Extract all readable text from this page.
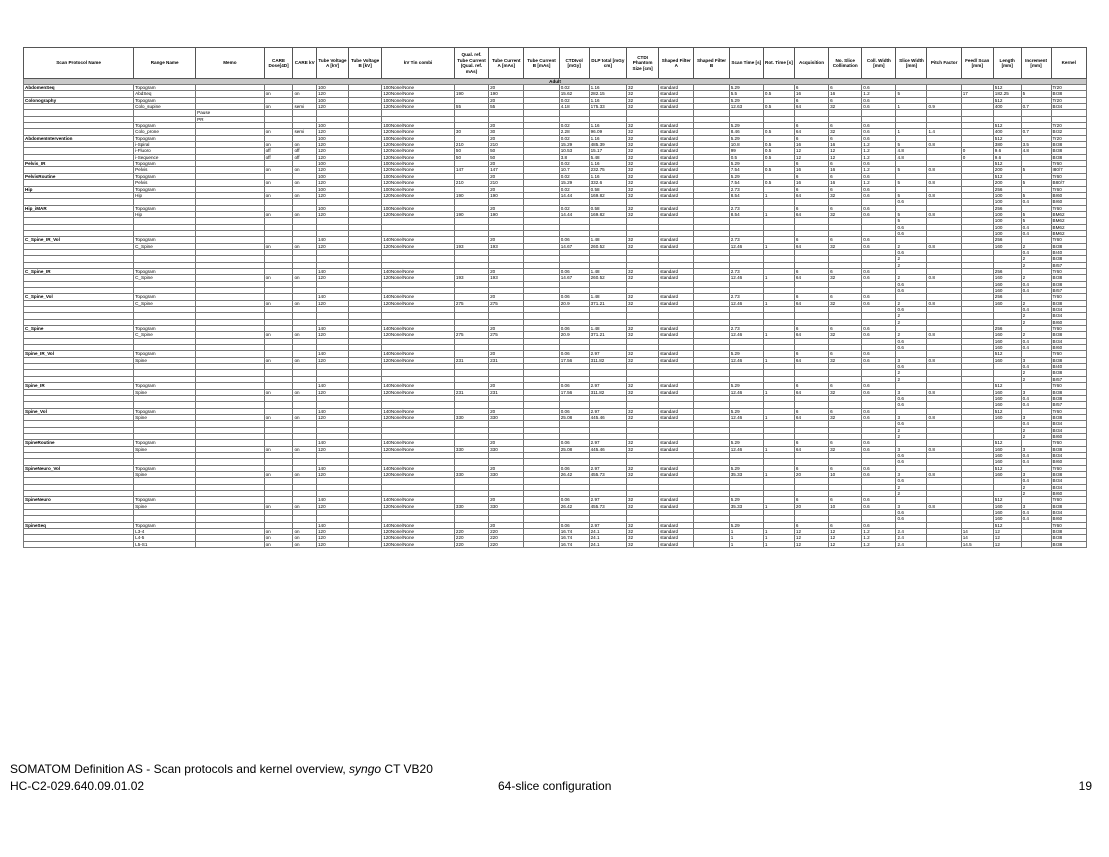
Scan Protocol Name	Range Name	Memo	CARE Dose[4D]	CARE kV	Tube Voltage A [kV]	Tube Voltage B [kV]	kV Tin combi	Qual. ref. Tube Current (Qual. ref. mAs)	Tube Current A [mAs]	Tube Current B [mAs]	CTDIvol [mGy]	DLP total [mGy cm]	CTDI Phantom Size [cm]	Shaped Filter A	Shaped Filter B	Scan Time [s]	Rot. Time [s]	Acquisition	No. Slice Collimation	Coll. Width [mm]	Slice Width [mm]	Pitch Factor	Feed/ Scan [mm]	Length [mm]	Increment [mm]	Kernel
Adult																										
AbdomenSeq	Topogram				100		100None/None		20		0.02	1.16	32	standard		5.29		6	6	0.6				512		Tr20
	AbdSeq		on	on	120		120None/None	190	190		15.62	282.15	32	standard		5.5	0.5	16	16	1.2	5		17	182.25	5	Br38
Colonography	Topogram				100		100None/None		20		0.02	1.16	32	standard		5.29		6	6	0.6				512		Tr20
	Colo_supine		on	semi	120		120None/None	55	55		4.18	175.33	32	standard		12.63	0.5	64	32	0.6	1	0.9		400	0.7	Br34
		Pause																								
		PR																								
	Topogram				100		100None/None		20		0.02	1.16	32	standard		5.29		6	6	0.6				512		Tr20
	Colo_prone		on	semi	120		120None/None	30	30		2.28	96.09	32	standard		8.46	0.5	64	32	0.6	1	1.4		400	0.7	Br32
AbdomenIntervention	Topogram				100		100None/None		20		0.02	1.16	32	standard		5.29		6	6	0.6				512		Tr20
	i-Spiral		on	on	120		120None/None	210	210		15.29	485.39	32	standard		10.8	0.5	16	16	1.2	5	0.8		380	3.5	Br38
	i-Fluoro		off	off	120		120None/None	50	50		10.53	15.17	32	standard		99	0.5	12	12	1.2	4.8		0	9.6	4.8	Br38
	i-Sequence		off	off	120		120None/None	50	50		3.8	5.48	32	standard		0.5	0.5	12	12	1.2	4.8		0	9.6		Br38
Pelvis_IR	Topogram				100		100None/None		20		0.02	1.16	32	standard		5.29		6	6	0.6				512		Tr60
	Pelvis		on	on	120		120None/None	147	147		10.7	232.75	32	standard		7.54	0.5	16	16	1.2	5	0.8		200	5	I80/7
PelvisRoutine	Topogram				100		100None/None		20		0.02	1.16	32	standard		5.29		6	6	0.6				512		Tr60
	Pelvis		on	on	120		120None/None	210	210		15.29	332.6	32	standard		7.54	0.5	16	16	1.2	5	0.8		200	5	B80/7
Hip	Topogram				100		100None/None		20		0.02	0.58	32	standard		2.73		6	6	0.6				256		Tr60
	Hip		on	on	120		120None/None	190	190		14.44	169.82	32	standard		8.54	1	64	32	0.6	5	0.8		100	5	Br60
																					0.6			100	0.4	Br60
Hip_iMAR	Topogram				100		100None/None		20		0.02	0.58	32	standard		2.73		6	6	0.6				256		Tr60
	Hip		on	on	120		120None/None	190	190		14.44	169.82	32	standard		8.54	1	64	32	0.6	5	0.8		100	5	BM62
																					5			100	5	BM62
																					0.6			100	0.4	BM62
																					0.6			100	0.4	BM62
C_Spine_IR_Vol	Topogram				140		140None/None		20		0.06	1.48	32	standard		2.73		6	6	0.6				256		Tr60
	C_Spine		on	on	120		120None/None	193	193		14.67	260.52	32	standard		12.46	1	64	32	0.6	2	0.8		160	2	Br38
																					0.6				0.4	Br40
																					2				2	Br38
																					2				2	Br57
C_Spine_IR	Topogram				140		140None/None		20		0.06	1.48	32	standard		2.73		6	6	0.6				256		Tr60
	C_Spine		on	on	120		120None/None	193	193		14.67	260.52	32	standard		12.46	1	64	32	0.6	2	0.8		160	2	Br38
																					0.6			160	0.4	Br38
																					0.6			160	0.4	Br57
C_Spine_Vol	Topogram				140		140None/None		20		0.06	1.48	32	standard		2.73		6	6	0.6				256		Tr60
	C_Spine		on	on	120		120None/None	275	275		20.9	371.21	32	standard		12.46	1	64	32	0.6	2	0.8		160	2	Br38
																					0.6				0.4	Br34
																					2				2	Br34
																					2				2	Br60
C_Spine	Topogram				140		140None/None		20		0.06	1.48	32	standard		2.73		6	6	0.6				256		Tr60
	C_Spine		on	on	120		120None/None	275	275		20.9	371.21	32	standard		12.46	1	64	32	0.6	2	0.8		160	2	Br38
																					0.6			160	0.4	Br34
																					0.6			160	0.4	Br60
Spine_IR_Vol	Topogram				140		140None/None		20		0.06	2.97	32	standard		5.29		6	6	0.6				512		Tr60
	Spine		on	on	120		120None/None	231	231		17.56	311.82	32	standard		12.46	1	64	32	0.6	3	0.8		160	3	Br38
																					0.6				0.4	Br40
																					2				2	Br38
																					2				2	Br57
Spine_IR	Topogram				140		140None/None		20		0.06	2.97	32	standard		5.29		6	6	0.6				512		Tr60
	Spine		on	on	120		120None/None	231	231		17.56	311.82	32	standard		12.46	1	64	32	0.6	3	0.8		160	3	Br38
																					0.6			160	0.4	Br38
																					0.6			160	0.4	Br57
Spine_Vol	Topogram				140		140None/None		20		0.06	2.97	32	standard		5.29		6	6	0.6				512		Tr60
	Spine		on	on	120		120None/None	330	330		25.08	445.46	32	standard		12.46	1	64	32	0.6	3	0.8		160	3	Br38
																					0.6				0.4	Br34
																					2				2	Br34
																					2				2	Br60
SpineRoutine	Topogram				140		140None/None		20		0.06	2.97	32	standard		5.29		6	6	0.6				512		Tr60
	Spine		on	on	120		120None/None	330	330		25.08	445.46	32	standard		12.46	1	64	32	0.6	3	0.8		160	3	Br38
																					0.6			160	0.4	Br34
																					0.6			160	0.4	Br60
SpineNeuro_Vol	Topogram				140		140None/None		20		0.06	2.97	32	standard		5.29		6	6	0.6				512		Tr60
	Spine		on	on	120		120None/None	330	330		26.42	455.73	32	standard		35.33	1	20	10	0.6	3	0.8		160	3	Br38
																					0.6				0.4	Br34
																					2				2	Br34
																					2				2	Br60
SpineNeuro	Topogram				140		140None/None		20		0.06	2.97	32	standard		5.29		6	6	0.6				512		Tr60
	Spine		on	on	120		120None/None	330	330		26.42	455.73	32	standard		35.33	1	20	10	0.6	3	0.8		160	3	Br38
																					0.6			160	0.4	Br34
																					0.6			160	0.4	Br60
SpineSeq	Topogram				140		140None/None		20		0.06	2.97	32	standard		5.29		6	6	0.6				512		Tr60
	L3-4		on	on	120		120None/None	220	220		16.74	24.1	32	standard		1	1	12	12	1.2	2.4		14	12		Br38
	L4-5		on	on	120		120None/None	220	220		16.74	24.1	32	standard		1	1	12	12	1.2	2.4		14	12		Br38
	L5-S1		on	on	120		120None/None	220	220		16.74	24.1	32	standard		1	1	12	12	1.2	2.4		14.5	12		Br38
SOMATOM Definition AS - Scan protocols and kernel overview, syngo CT VB20
HC-C2-029.640.09.01.02	64-slice configuration	19
